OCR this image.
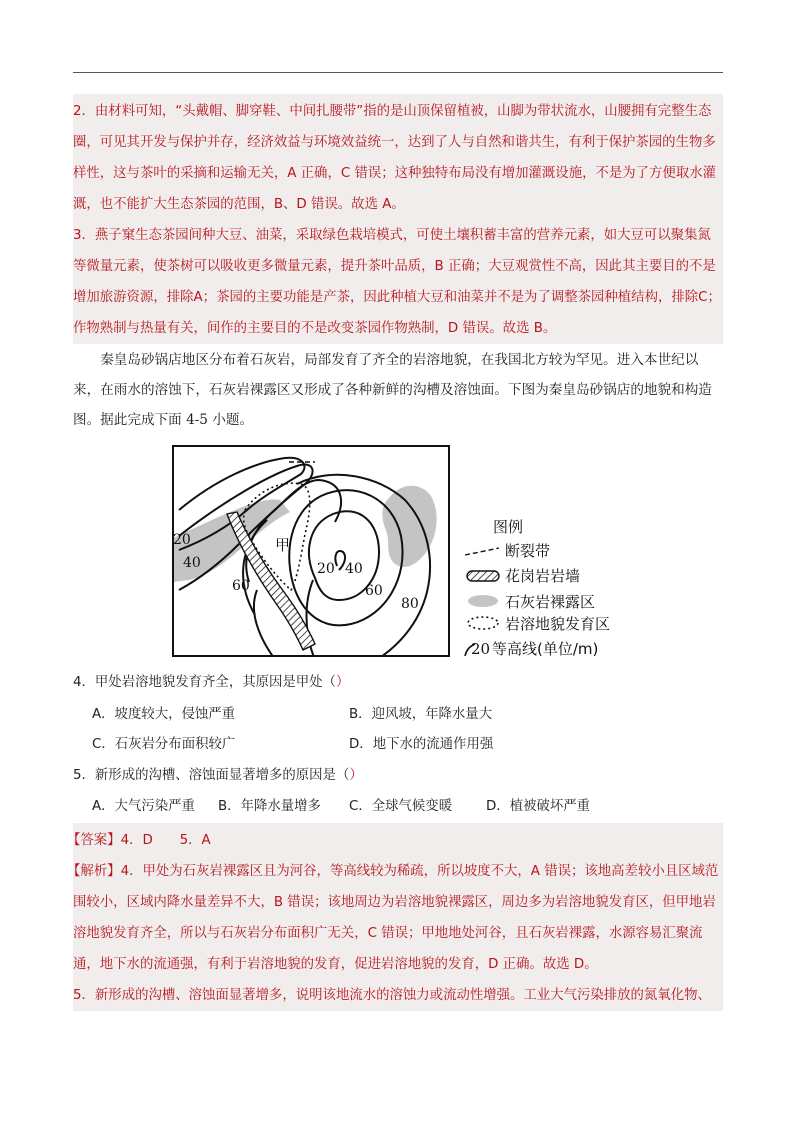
2．由材料可知，“头戴帽、脚穿鞋、中间扎腰带”指的是山顶保留植被，山脚为带状流水，山腰拥有完整生态圈，可见其开发与保护并存，经济效益与环境效益统一，达到了人与自然和谐共生，有利于保护茶园的生物多样性，这与茶叶的采摘和运输无关，A 正确，C 错误；这种独特布局没有增加灌溉设施，不是为了方便取水灌溉，也不能扩大生态茶园的范围，B、D 错误。故选 A。
3．燕子窠生态茶园间种大豆、油菜，采取绿色栽培模式，可使土壤积蓄丰富的营养元素，如大豆可以聚集氮等微量元素，使茶树可以吸收更多微量元素，提升茶叶品质，B 正确；大豆观赏性不高，因此其主要目的不是增加旅游资源，排除A；茶园的主要功能是产茶，因此种植大豆和油菜并不是为了调整茶园种植结构，排除C；作物熟制与热量有关，间作的主要目的不是改变茶园作物熟制，D 错误。故选 B。
秦皇岛砂锅店地区分布着石灰岩，局部发育了齐全的岩溶地貌，在我国北方较为罕见。进入本世纪以来，在雨水的溶蚀下，石灰岩裸露区又形成了各种新鲜的沟槽及溶蚀面。下图为秦皇岛砂锅店的地貌和构造图。据此完成下面 4-5 小题。
20
40
60
甲
20 40
60
80
图例
断裂带
花岗岩岩墙
石灰岩裸露区
岩溶地貌发育区
20 等高线(单位/m)
4．甲处岩溶地貌发育齐全，其原因是甲处（）
A．坡度较大，侵蚀严重	B．迎风坡，年降水量大
C．石灰岩分布面积较广	D．地下水的流通作用强
5．新形成的沟槽、溶蚀面显著增多的原因是（）
A．大气污染严重 B．年降水量增多 C．全球气候变暖	D．植被破坏严重
【答案】4．D　　5．A
【解析】4．甲处为石灰岩裸露区且为河谷，等高线较为稀疏，所以坡度不大，A 错误；该地高差较小且区域范围较小，区域内降水量差异不大，B 错误；该地周边为岩溶地貌裸露区，周边多为岩溶地貌发育区，但甲地岩溶地貌发育齐全，所以与石灰岩分布面积广无关，C 错误；甲地地处河谷，且石灰岩裸露，水源容易汇聚流通，地下水的流通强，有利于岩溶地貌的发育，促进岩溶地貌的发育，D 正确。故选 D。
5．新形成的沟槽、溶蚀面显著增多，说明该地流水的溶蚀力或流动性增强。工业大气污染排放的氮氧化物、
